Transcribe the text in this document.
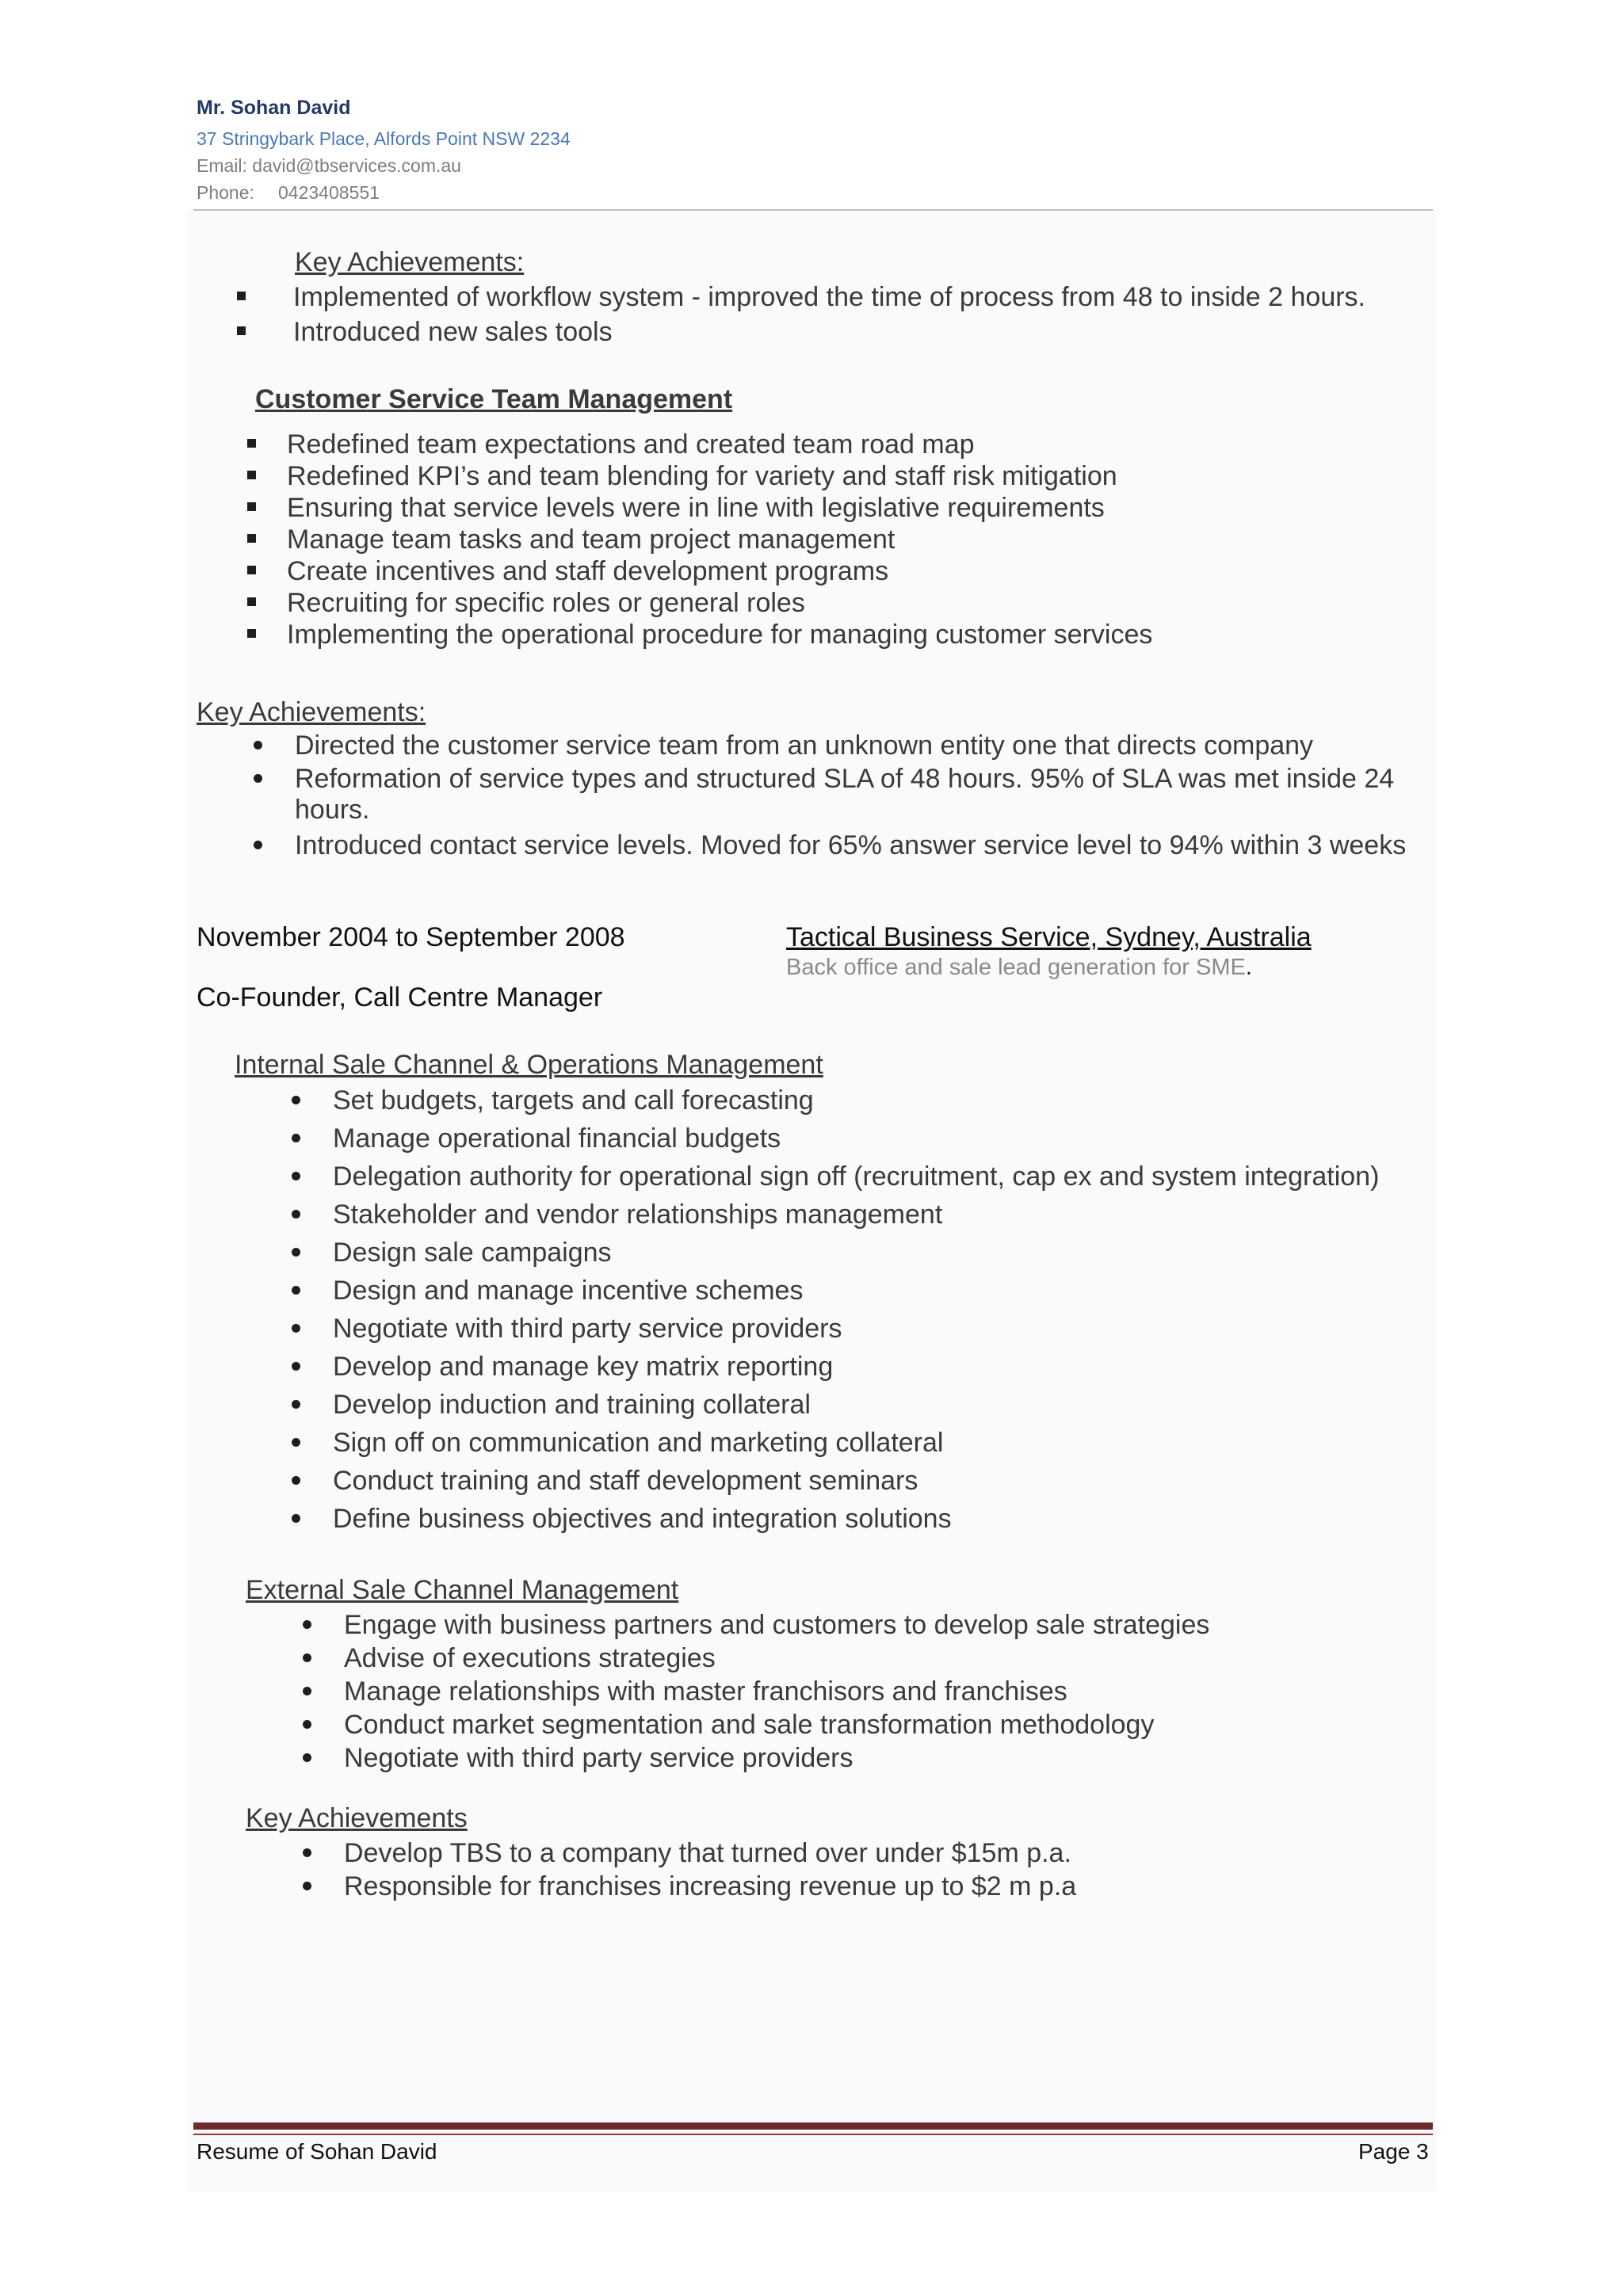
Mr. Sohan David
37 Stringybark Place, Alfords Point NSW 2234
Email: david@tbservices.com.au
Phone: 0423408551
Key Achievements:
Implemented of workflow system - improved the time of process from 48 to inside 2 hours.
Introduced new sales tools
Customer Service Team Management
Redefined team expectations and created team road map
Redefined KPI’s and team blending for variety and staff risk mitigation
Ensuring that service levels were in line with legislative requirements
Manage team tasks and team project management
Create incentives and staff development programs
Recruiting for specific roles or general roles
Implementing the operational procedure for managing customer services
Key Achievements:
Directed the customer service team from an unknown entity one that directs company
Reformation of service types and structured SLA of 48 hours. 95% of SLA was met inside 24
hours.
Introduced contact service levels. Moved for 65% answer service level to 94% within 3 weeks
November 2004 to September 2008	Tactical Business Service, Sydney, Australia
Back office and sale lead generation for SME.
Co-Founder, Call Centre Manager
Internal Sale Channel & Operations Management
Set budgets, targets and call forecasting
Manage operational financial budgets
Delegation authority for operational sign off (recruitment, cap ex and system integration)
Stakeholder and vendor relationships management
Design sale campaigns
Design and manage incentive schemes
Negotiate with third party service providers
Develop and manage key matrix reporting
Develop induction and training collateral
Sign off on communication and marketing collateral
Conduct training and staff development seminars
Define business objectives and integration solutions
External Sale Channel Management
Engage with business partners and customers to develop sale strategies
Advise of executions strategies
Manage relationships with master franchisors and franchises
Conduct market segmentation and sale transformation methodology
Negotiate with third party service providers
Key Achievements
Develop TBS to a company that turned over under $15m p.a.
Responsible for franchises increasing revenue up to $2 m p.a
Resume of Sohan David	Page 3
